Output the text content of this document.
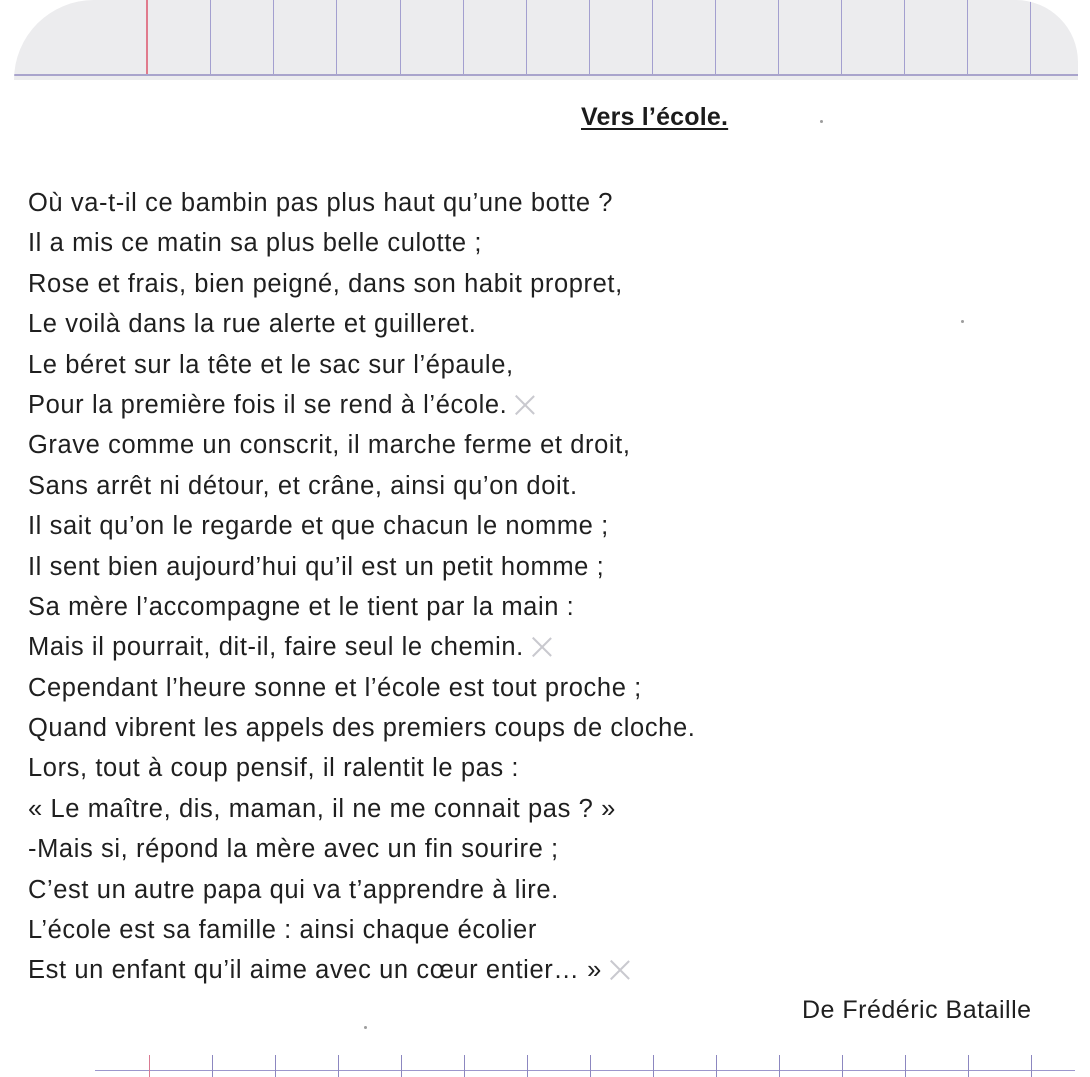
Vers l’école.
Où va-t-il ce bambin pas plus haut qu’une botte ?
Il a mis ce matin sa plus belle culotte ;
Rose et frais, bien peigné, dans son habit propret,
Le voilà dans la rue alerte et guilleret.
Le béret sur la tête et le sac sur l’épaule,
Pour la première fois il se rend à l’école.
Grave comme un conscrit, il marche ferme et droit,
Sans arrêt ni détour, et crâne, ainsi qu’on doit.
Il sait qu’on le regarde et que chacun le nomme ;
Il sent bien aujourd’hui qu’il est un petit homme ;
Sa mère l’accompagne et le tient par la main :
Mais il pourrait, dit-il, faire seul le chemin.
Cependant l’heure sonne et l’école est tout proche ;
Quand vibrent les appels des premiers coups de cloche.
Lors, tout à coup pensif, il ralentit le pas :
« Le maître, dis, maman, il ne me connait pas ? »
-Mais si, répond la mère avec un fin sourire ;
C’est un autre papa qui va t’apprendre à lire.
L’école est sa famille : ainsi chaque écolier
Est un enfant qu’il aime avec un cœur entier… »
De Frédéric Bataille
